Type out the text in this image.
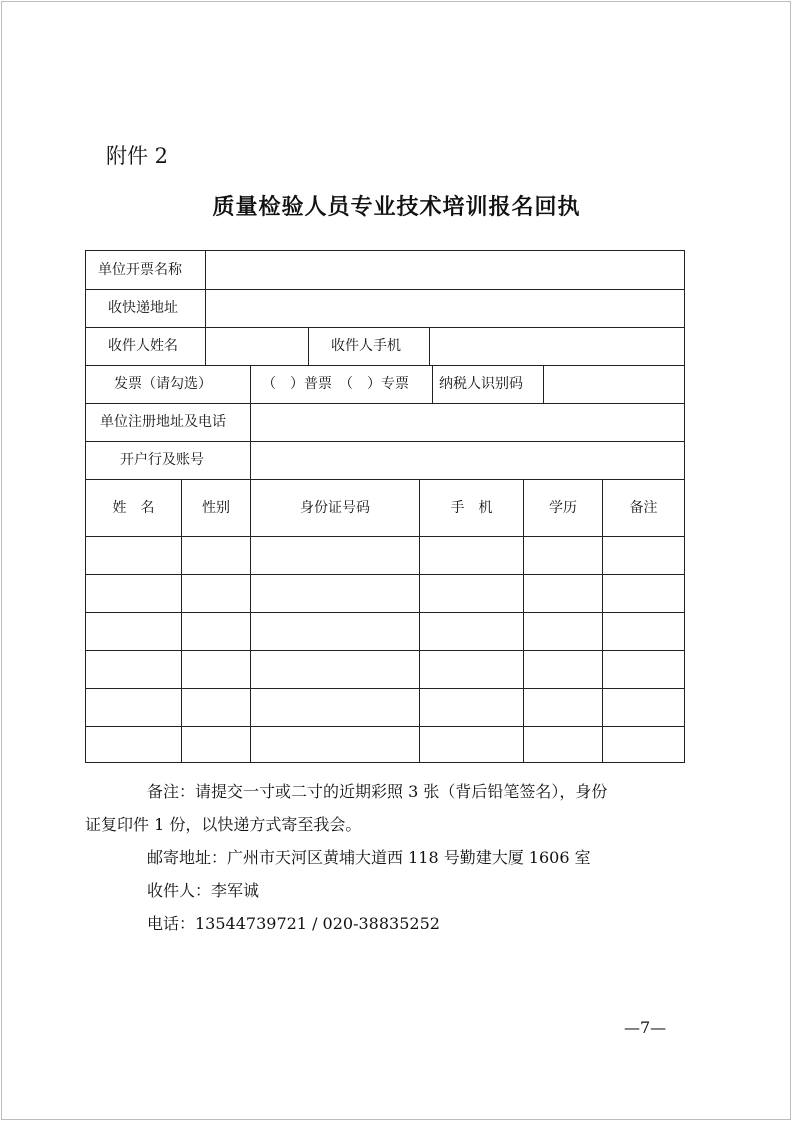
附件 2
质量检验人员专业技术培训报名回执
单位开票名称
收快递地址
收件人姓名	收件人手机
发票（请勾选）	（　）普票　（　）专票 纳税人识别码
单位注册地址及电话
开户行及账号
姓　名	性别	身份证号码	手　机	学历	备注

备注：请提交一寸或二寸的近期彩照 3 张（背后铅笔签名），身份

证复印件 1 份，以快递方式寄至我会。

邮寄地址：广州市天河区黄埔大道西 118 号勤建大厦 1606 室

收件人：李军诚

电话：13544739721 / 020-38835252

—7—
